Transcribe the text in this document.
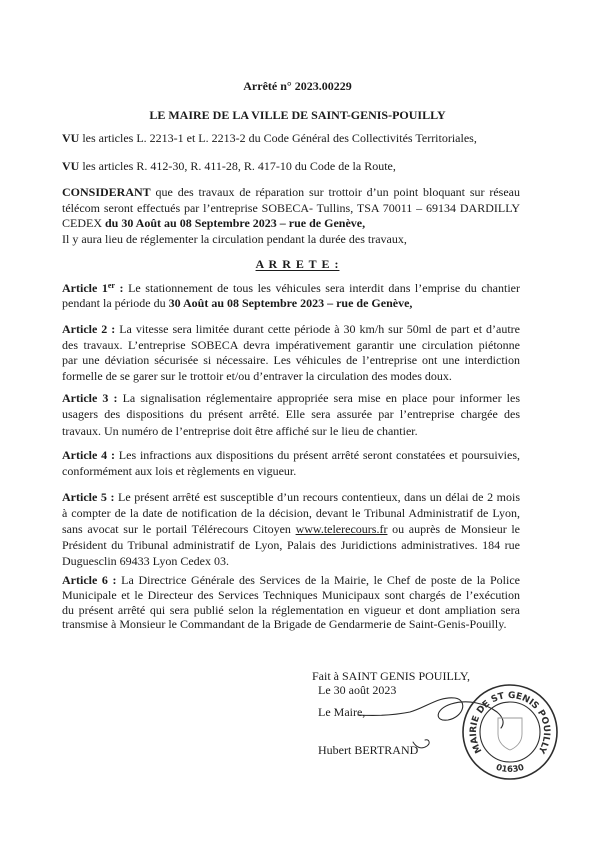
Arrêté n° 2023.00229
LE MAIRE DE LA VILLE DE SAINT-GENIS-POUILLY
VU les articles L. 2213-1 et L. 2213-2 du Code Général des Collectivités Territoriales,
VU les articles R. 412-30, R. 411-28, R. 417-10 du Code de la Route,
CONSIDERANT que des travaux de réparation sur trottoir d’un point bloquant sur réseau
télécom seront effectués par l’entreprise SOBECA- Tullins, TSA 70011 – 69134 DARDILLY
CEDEX du 30 Août au 08 Septembre 2023 – rue de Genève,
Il y aura lieu de réglementer la circulation pendant la durée des travaux,
A R R E T E :
Article 1er : Le stationnement de tous les véhicules sera interdit dans l’emprise du chantier
pendant la période du 30 Août au 08 Septembre 2023 – rue de Genève,
Article 2 : La vitesse sera limitée durant cette période à 30 km/h sur 50ml de part et d’autre
des travaux. L’entreprise SOBECA devra impérativement garantir une circulation piétonne
par une déviation sécurisée si nécessaire. Les véhicules de l’entreprise ont une interdiction
formelle de se garer sur le trottoir et/ou d’entraver la circulation des modes doux.
Article 3 : La signalisation réglementaire appropriée sera mise en place pour informer les
usagers des dispositions du présent arrêté. Elle sera assurée par l’entreprise chargée des
travaux. Un numéro de l’entreprise doit être affiché sur le lieu de chantier.
Article 4 : Les infractions aux dispositions du présent arrêté seront constatées et poursuivies,
conformément aux lois et règlements en vigueur.
Article 5 : Le présent arrêté est susceptible d’un recours contentieux, dans un délai de 2 mois
à compter de la date de notification de la décision, devant le Tribunal Administratif de Lyon,
sans avocat sur le portail Télérecours Citoyen www.telerecours.fr ou auprès de Monsieur le
Président du Tribunal administratif de Lyon, Palais des Juridictions administratives. 184 rue
Duguesclin 69433 Lyon Cedex 03.
Article 6 : La Directrice Générale des Services de la Mairie, le Chef de poste de la Police
Municipale et le Directeur des Services Techniques Municipaux sont chargés de l’exécution
du présent arrêté qui sera publié selon la réglementation en vigueur et dont ampliation sera
transmise à Monsieur le Commandant de la Brigade de Gendarmerie de Saint-Genis-Pouilly.
Fait à SAINT GENIS POUILLY,
Le 30 août 2023
Le Maire,
Hubert BERTRAND	MAIRIE DE ST GENIS POUILLY
01630
